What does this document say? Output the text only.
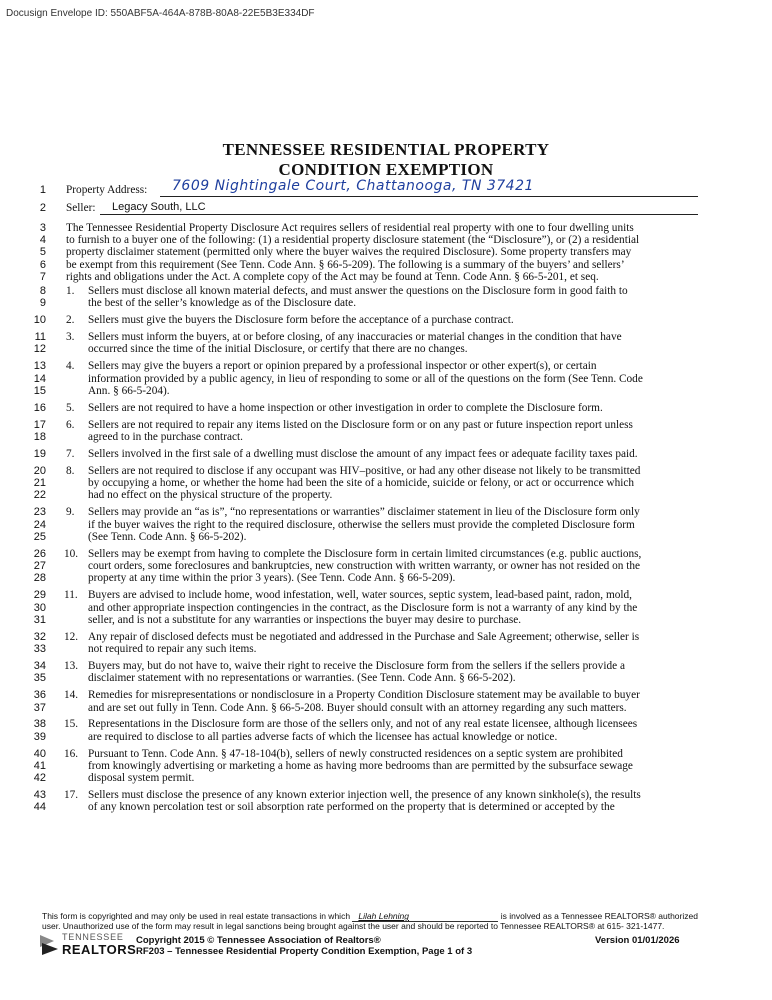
Docusign Envelope ID: 550ABF5A-464A-878B-80A8-22E5B3E334DF
TENNESSEE RESIDENTIAL PROPERTY
CONDITION EXEMPTION
1 Property Address: 7609 Nightingale Court, Chattanooga, TN 37421
2 Seller: Legacy South, LLC
3 The Tennessee Residential Property Disclosure Act requires sellers of residential real property with one to four dwelling units
4 to furnish to a buyer one of the following: (1) a residential property disclosure statement (the “Disclosure”), or (2) a residential
5 property disclaimer statement (permitted only where the buyer waives the required Disclosure). Some property transfers may
6 be exempt from this requirement (See Tenn. Code Ann. § 66-5-209). The following is a summary of the buyers’ and sellers’
7 rights and obligations under the Act. A complete copy of the Act may be found at Tenn. Code Ann. § 66-5-201, et seq.
8 1. Sellers must disclose all known material defects, and must answer the questions on the Disclosure form in good faith to
9	the best of the seller’s knowledge as of the Disclosure date.
10 2. Sellers must give the buyers the Disclosure form before the acceptance of a purchase contract.
11 3. Sellers must inform the buyers, at or before closing, of any inaccuracies or material changes in the condition that have
12	occurred since the time of the initial Disclosure, or certify that there are no changes.
13 4. Sellers may give the buyers a report or opinion prepared by a professional inspector or other expert(s), or certain
14	information provided by a public agency, in lieu of responding to some or all of the questions on the form (See Tenn. Code
15	Ann. § 66-5-204).
16 5. Sellers are not required to have a home inspection or other investigation in order to complete the Disclosure form.
17 6. Sellers are not required to repair any items listed on the Disclosure form or on any past or future inspection report unless
18	agreed to in the purchase contract.
19 7. Sellers involved in the first sale of a dwelling must disclose the amount of any impact fees or adequate facility taxes paid.
20 8. Sellers are not required to disclose if any occupant was HIV–positive, or had any other disease not likely to be transmitted
21	by occupying a home, or whether the home had been the site of a homicide, suicide or felony, or act or occurrence which
22	had no effect on the physical structure of the property.
23 9. Sellers may provide an “as is”, “no representations or warranties” disclaimer statement in lieu of the Disclosure form only
24	if the buyer waives the right to the required disclosure, otherwise the sellers must provide the completed Disclosure form
25	(See Tenn. Code Ann. § 66-5-202).
26 10. Sellers may be exempt from having to complete the Disclosure form in certain limited circumstances (e.g. public auctions,
27	court orders, some foreclosures and bankruptcies, new construction with written warranty, or owner has not resided on the
28	property at any time within the prior 3 years). (See Tenn. Code Ann. § 66-5-209).
29 11. Buyers are advised to include home, wood infestation, well, water sources, septic system, lead-based paint, radon, mold,
30	and other appropriate inspection contingencies in the contract, as the Disclosure form is not a warranty of any kind by the
31	seller, and is not a substitute for any warranties or inspections the buyer may desire to purchase.
32 12. Any repair of disclosed defects must be negotiated and addressed in the Purchase and Sale Agreement; otherwise, seller is
33	not required to repair any such items.
34 13. Buyers may, but do not have to, waive their right to receive the Disclosure form from the sellers if the sellers provide a
35	disclaimer statement with no representations or warranties. (See Tenn. Code Ann. § 66-5-202).
36 14. Remedies for misrepresentations or nondisclosure in a Property Condition Disclosure statement may be available to buyer
37	and are set out fully in Tenn. Code Ann. § 66-5-208. Buyer should consult with an attorney regarding any such matters.
38 15. Representations in the Disclosure form are those of the sellers only, and not of any real estate licensee, although licensees
39	are required to disclose to all parties adverse facts of which the licensee has actual knowledge or notice.
40 16. Pursuant to Tenn. Code Ann. § 47-18-104(b), sellers of newly constructed residences on a septic system are prohibited
41	from knowingly advertising or marketing a home as having more bedrooms than are permitted by the subsurface sewage
42	disposal system permit.
43 17. Sellers must disclose the presence of any known exterior injection well, the presence of any known sinkhole(s), the results
44	of any known percolation test or soil absorption rate performed on the property that is determined or accepted by the
This form is copyrighted and may only be used in real estate transactions in which Lilah Lehning	is involved as a Tennessee REALTORS® authorized
user. Unauthorized use of the form may result in legal sanctions being brought against the user and should be reported to Tennessee REALTORS® at 615- 321-1477.
TENNESSEE
REALTORS
Copyright 2015 © Tennessee Association of Realtors®
RF203 – Tennessee Residential Property Condition Exemption, Page 1 of 3
Version 01/01/2026
